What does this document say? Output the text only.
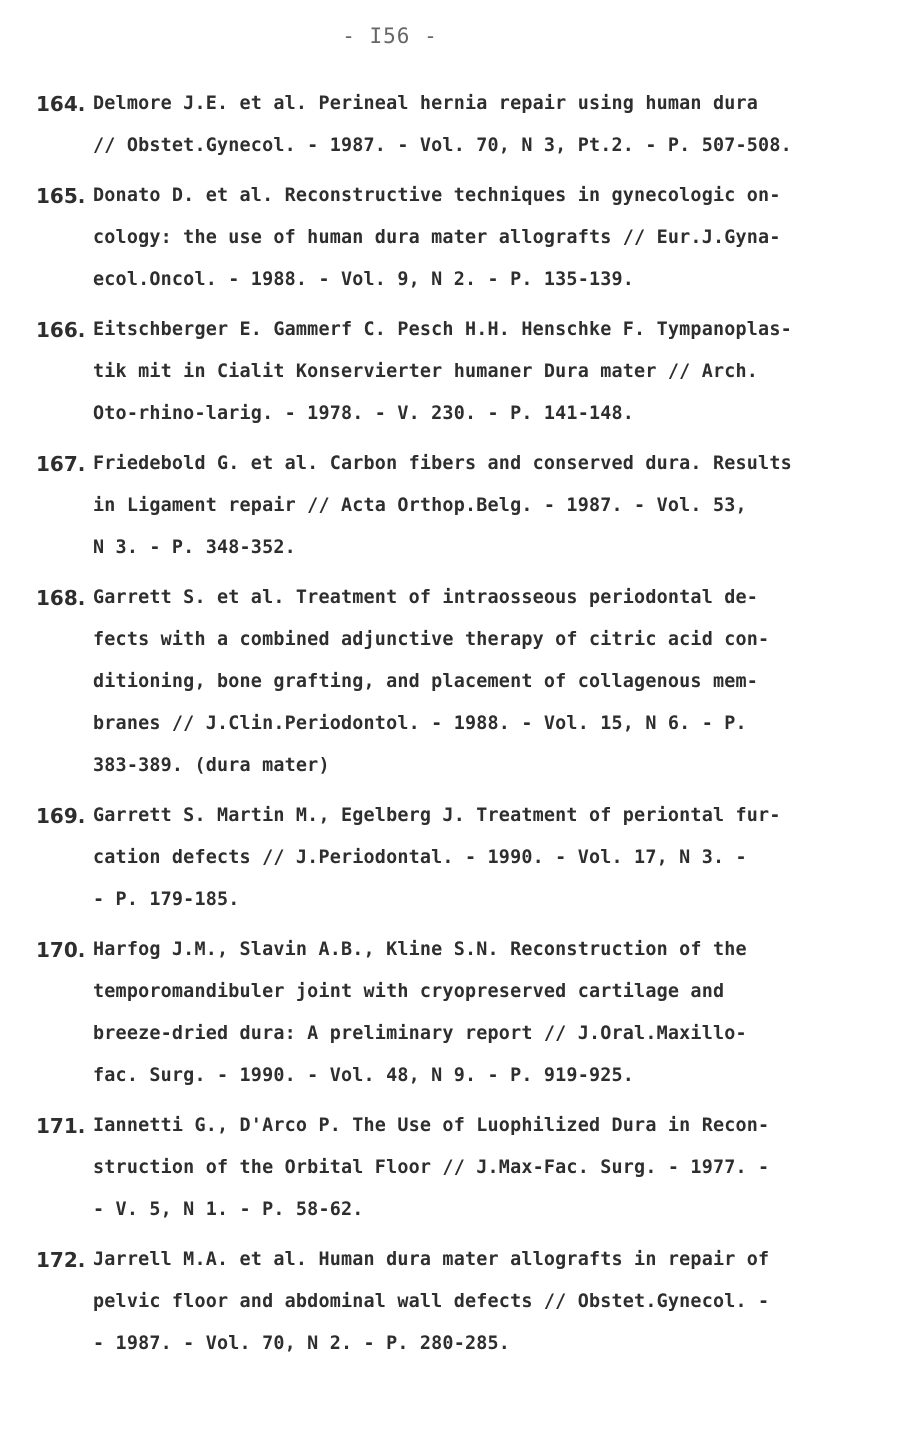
- I56 -
164. Delmore J.E. et al. Perineal hernia repair using human dura
// Obstet.Gynecol. - 1987. - Vol. 70, N 3, Pt.2. - P. 507-508.
165. Donato D. et al. Reconstructive techniques in gynecologic on-
cology: the use of human dura mater allografts // Eur.J.Gyna-
ecol.Oncol. - 1988. - Vol. 9, N 2. - P. 135-139.
166. Eitschberger E. Gammerf C. Pesch H.H. Henschke F. Tympanoplas-
tik mit in Cialit Konservierter humaner Dura mater // Arch.
Oto-rhino-larig. - 1978. - V. 230. - P. 141-148.
167. Friedebold G. et al. Carbon fibers and conserved dura. Results
in Ligament repair // Acta Orthop.Belg. - 1987. - Vol. 53,
N 3. - P. 348-352.
168. Garrett S. et al. Treatment of intraosseous periodontal de-
fects with a combined adjunctive therapy of citric acid con-
ditioning, bone grafting, and placement of collagenous mem-
branes // J.Clin.Periodontol. - 1988. - Vol. 15, N 6. - P.
383-389. (dura mater)
169. Garrett S. Martin M., Egelberg J. Treatment of periontal fur-
cation defects // J.Periodontal. - 1990. - Vol. 17, N 3. -
- P. 179-185.
170. Harfog J.M., Slavin A.B., Kline S.N. Reconstruction of the
temporomandibuler joint with cryopreserved cartilage and
breeze-dried dura: A preliminary report // J.Oral.Maxillo-
fac. Surg. - 1990. - Vol. 48, N 9. - P. 919-925.
171. Iannetti G., D'Arco P. The Use of Luophilized Dura in Recon-
struction of the Orbital Floor // J.Max-Fac. Surg. - 1977. -
- V. 5, N 1. - P. 58-62.
172. Jarrell M.A. et al. Human dura mater allografts in repair of
pelvic floor and abdominal wall defects // Obstet.Gynecol. -
- 1987. - Vol. 70, N 2. - P. 280-285.
